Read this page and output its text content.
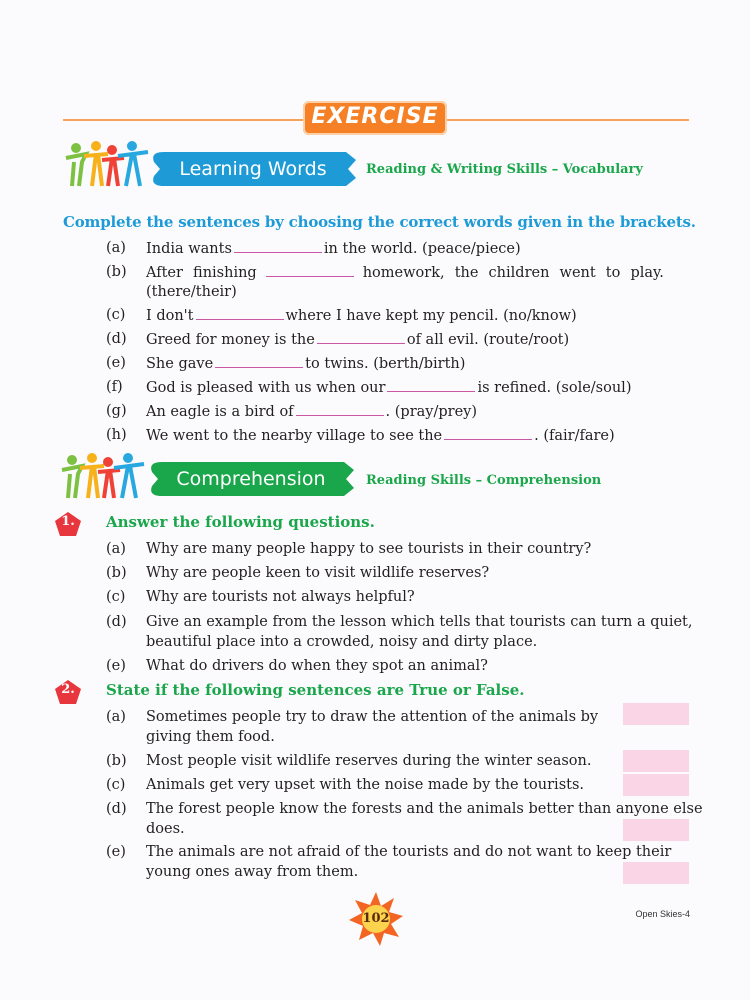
EXERCISE
Learning Words	Reading & Writing Skills – Vocabulary
Complete the sentences by choosing the correct words given in the brackets.
(a)	India wants	in the world. (peace/piece)
(b)	After finishing	homework, the children went to play.
(there/their)
(c)	I don't	where I have kept my pencil. (no/know)
(d)	Greed for money is the	of all evil. (route/root)
(e)	She gave	to twins. (berth/birth)
(f)	God is pleased with us when our	is refined. (sole/soul)
(g)	An eagle is a bird of	. (pray/prey)
(h)	We went to the nearby village to see the	. (fair/fare)
Comprehension	Reading Skills – Comprehension
1.	Answer the following questions.
(a)	Why are many people happy to see tourists in their country?
(b)	Why are people keen to visit wildlife reserves?
(c)	Why are tourists not always helpful?
(d)	Give an example from the lesson which tells that tourists can turn a quiet,
beautiful place into a crowded, noisy and dirty place.
(e)	What do drivers do when they spot an animal?
2.	State if the following sentences are True or False.
(a)	Sometimes people try to draw the attention of the animals by
giving them food.
(b)	Most people visit wildlife reserves during the winter season.
(c)	Animals get very upset with the noise made by the tourists.
(d)	The forest people know the forests and the animals better than anyone else
does.
(e)	The animals are not afraid of the tourists and do not want to keep their
young ones away from them.
102	Open Skies-4
